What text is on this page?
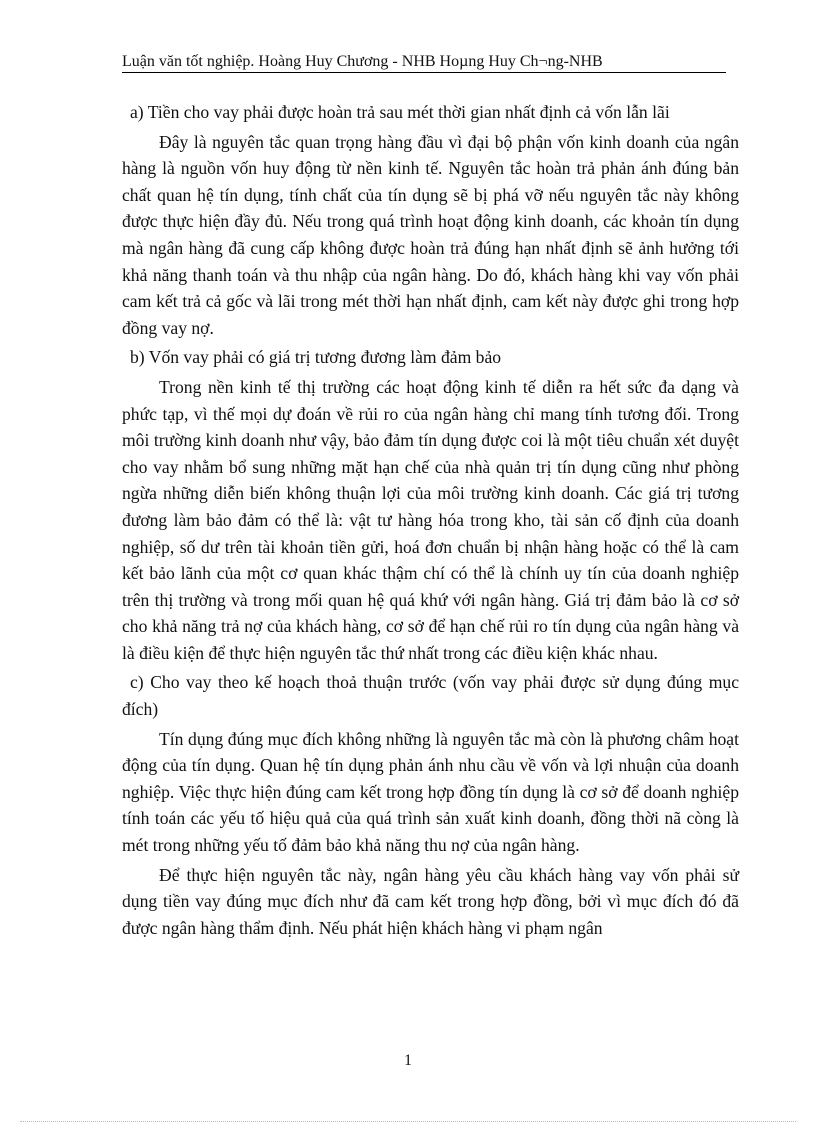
Luận văn tốt nghiệp. Hoàng Huy Chương - NHB Hoµng Huy Ch¬ng-NHB

a) Tiền cho vay phải được hoàn trả sau mét thời gian nhất định cả vốn lẫn lãi

Đây là nguyên tắc quan trọng hàng đầu vì đại bộ phận vốn kinh doanh của ngân hàng là nguồn vốn huy động từ nền kinh tế. Nguyên tắc hoàn trả phản ánh đúng bản chất quan hệ tín dụng, tính chất của tín dụng sẽ bị phá vỡ nếu nguyên tắc này không được thực hiện đầy đủ. Nếu trong quá trình hoạt động kinh doanh, các khoản tín dụng mà ngân hàng đã cung cấp không được hoàn trả đúng hạn nhất định sẽ ảnh hưởng tới khả năng thanh toán và thu nhập của ngân hàng. Do đó, khách hàng khi vay vốn phải cam kết trả cả gốc và lãi trong mét thời hạn nhất định, cam kết này được ghi trong hợp đồng vay nợ.

b) Vốn vay phải có giá trị tương đương làm đảm bảo

Trong nền kinh tế thị trường các hoạt động kinh tế diễn ra hết sức đa dạng và phức tạp, vì thế mọi dự đoán về rủi ro của ngân hàng chỉ mang tính tương đối. Trong môi trường kinh doanh như vậy, bảo đảm tín dụng được coi là một tiêu chuẩn xét duyệt cho vay nhằm bổ sung những mặt hạn chế của nhà quản trị tín dụng cũng như phòng ngừa những diễn biến không thuận lợi của môi trường kinh doanh. Các giá trị tương đương làm bảo đảm có thể là: vật tư hàng hóa trong kho, tài sản cố định của doanh nghiệp, số dư trên tài khoản tiền gửi, hoá đơn chuẩn bị nhận hàng hoặc có thể là cam kết bảo lãnh của một cơ quan khác thậm chí có thể là chính uy tín của doanh nghiệp trên thị trường và trong mối quan hệ quá khứ với ngân hàng. Giá trị đảm bảo là cơ sở cho khả năng trả nợ của khách hàng, cơ sở để hạn chế rủi ro tín dụng của ngân hàng và là điều kiện để thực hiện nguyên tắc thứ nhất trong các điều kiện khác nhau.

c) Cho vay theo kế hoạch thoả thuận trước (vốn vay phải được sử dụng đúng mục đích)

Tín dụng đúng mục đích không những là nguyên tắc mà còn là phương châm hoạt động của tín dụng. Quan hệ tín dụng phản ánh nhu cầu về vốn và lợi nhuận của doanh nghiệp. Việc thực hiện đúng cam kết trong hợp đồng tín dụng là cơ sở để doanh nghiệp tính toán các yếu tố hiệu quả của quá trình sản xuất kinh doanh, đồng thời nã còng là mét trong những yếu tố đảm bảo khả năng thu nợ của ngân hàng.

Để thực hiện nguyên tắc này, ngân hàng yêu cầu khách hàng vay vốn phải sử dụng tiền vay đúng mục đích như đã cam kết trong hợp đồng, bởi vì mục đích đó đã được ngân hàng thẩm định. Nếu phát hiện khách hàng vi phạm ngân

1
